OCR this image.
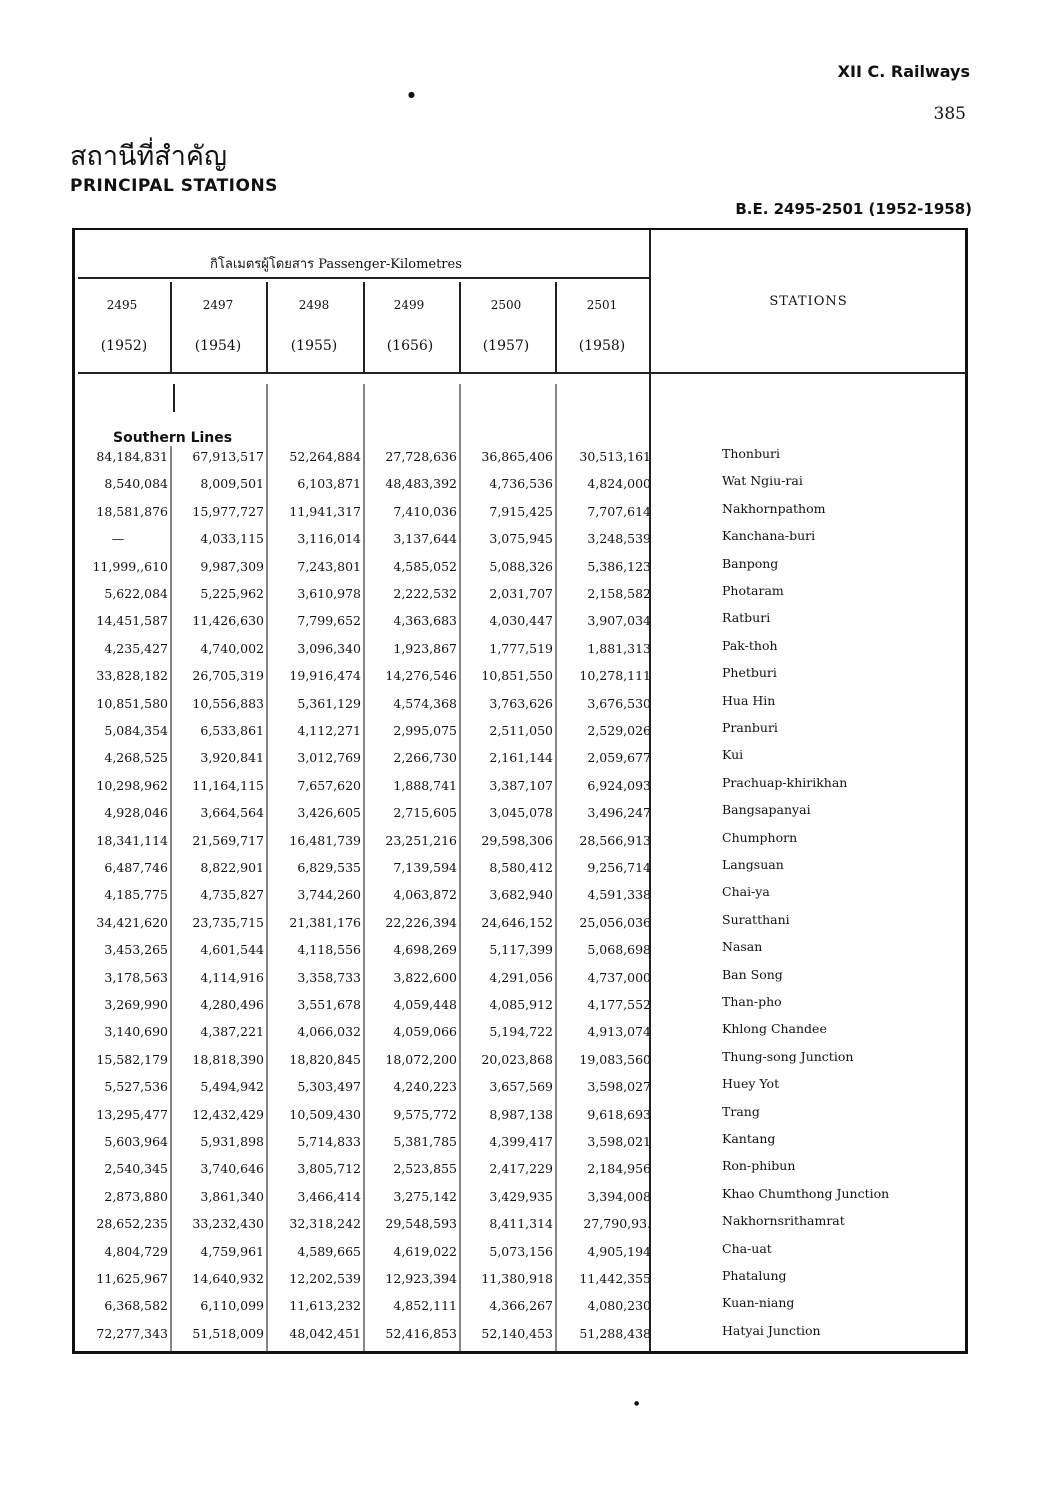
XII C. Railways
385
●
●
สถานีที่สำคัญ
PRINCIPAL STATIONS
B.E. 2495-2501 (1952-1958)
กิโลเมตรผู้โดยสาร Passenger-Kilometres
STATIONS
2495
(1952)
2497
(1954)
2498
(1955)
2499
(1656)
2500
(1957)
2501
(1958)
Southern Lines
84,184,831	67,913,517	52,264,884	27,728,636	36,865,406	30,513,161	Thonburi
8,540,084	8,009,501	6,103,871	48,483,392	4,736,536	4,824,000	Wat Ngiu-rai
18,581,876	15,977,727	11,941,317	7,410,036	7,915,425	7,707,614	Nakhornpathom
—	4,033,115	3,116,014	3,137,644	3,075,945	3,248,539	Kanchana-buri
11,999,,610	9,987,309	7,243,801	4,585,052	5,088,326	5,386,123	Banpong
5,622,084	5,225,962	3,610,978	2,222,532	2,031,707	2,158,582	Photaram
14,451,587	11,426,630	7,799,652	4,363,683	4,030,447	3,907,034	Ratburi
4,235,427	4,740,002	3,096,340	1,923,867	1,777,519	1,881,313	Pak-thoh
33,828,182	26,705,319	19,916,474	14,276,546	10,851,550	10,278,111	Phetburi
10,851,580	10,556,883	5,361,129	4,574,368	3,763,626	3,676,530	Hua Hin
5,084,354	6,533,861	4,112,271	2,995,075	2,511,050	2,529,026	Pranburi
4,268,525	3,920,841	3,012,769	2,266,730	2,161,144	2,059,677	Kui
10,298,962	11,164,115	7,657,620	1,888,741	3,387,107	6,924,093	Prachuap-khirikhan
4,928,046	3,664,564	3,426,605	2,715,605	3,045,078	3,496,247	Bangsapanyai
18,341,114	21,569,717	16,481,739	23,251,216	29,598,306	28,566,913	Chumphorn
6,487,746	8,822,901	6,829,535	7,139,594	8,580,412	9,256,714	Langsuan
4,185,775	4,735,827	3,744,260	4,063,872	3,682,940	4,591,338	Chai-ya
34,421,620	23,735,715	21,381,176	22,226,394	24,646,152	25,056,036	Suratthani
3,453,265	4,601,544	4,118,556	4,698,269	5,117,399	5,068,698	Nasan
3,178,563	4,114,916	3,358,733	3,822,600	4,291,056	4,737,000	Ban Song
3,269,990	4,280,496	3,551,678	4,059,448	4,085,912	4,177,552	Than-pho
3,140,690	4,387,221	4,066,032	4,059,066	5,194,722	4,913,074	Khlong Chandee
15,582,179	18,818,390	18,820,845	18,072,200	20,023,868	19,083,560	Thung-song Junction
5,527,536	5,494,942	5,303,497	4,240,223	3,657,569	3,598,027	Huey Yot
13,295,477	12,432,429	10,509,430	9,575,772	8,987,138	9,618,693	Trang
5,603,964	5,931,898	5,714,833	5,381,785	4,399,417	3,598,021	Kantang
2,540,345	3,740,646	3,805,712	2,523,855	2,417,229	2,184,956	Ron-phibun
2,873,880	3,861,340	3,466,414	3,275,142	3,429,935	3,394,008	Khao Chumthong Junction
28,652,235	33,232,430	32,318,242	29,548,593	8,411,314	27,790,93.	Nakhornsrithamrat
4,804,729	4,759,961	4,589,665	4,619,022	5,073,156	4,905,194	Cha-uat
11,625,967	14,640,932	12,202,539	12,923,394	11,380,918	11,442,355	Phatalung
6,368,582	6,110,099	11,613,232	4,852,111	4,366,267	4,080,230	Kuan-niang
72,277,343	51,518,009	48,042,451	52,416,853	52,140,453	51,288,438	Hatyai Junction
